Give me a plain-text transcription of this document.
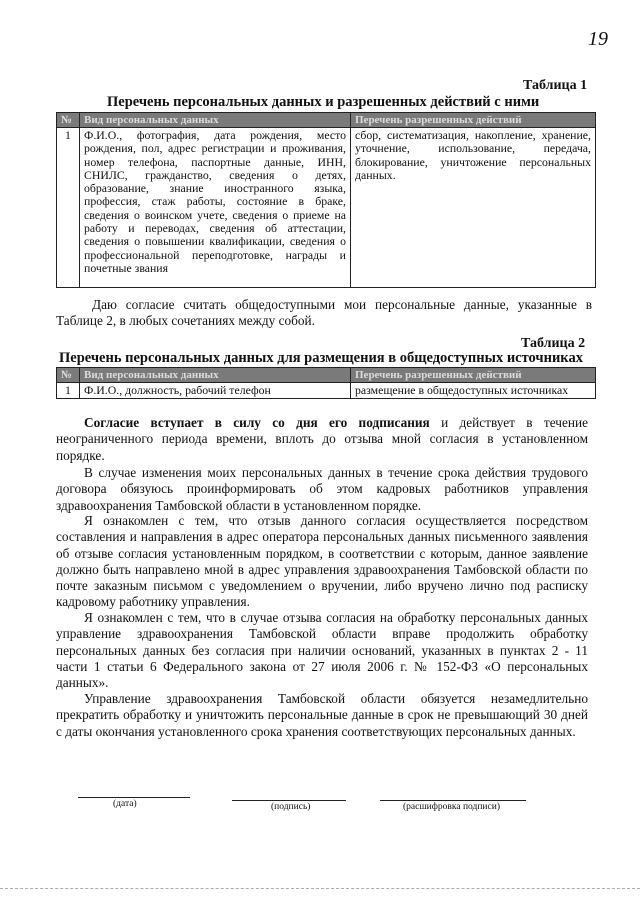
19
Таблица 1
Перечень персональных данных и разрешенных действий с ними
№	Вид персональных данных	Перечень разрешенных действий
1	Ф.И.О., фотография, дата рождения, место рождения, пол, адрес регистрации и проживания, номер телефона, паспортные данные, ИНН, СНИЛС, гражданство, сведения о детях, образование, знание иностранного языка, профессия, стаж работы, состояние в браке, сведения о воинском учете, сведения о приеме на работу и переводах, сведения об аттестации, сведения о повышении квалификации, сведения о профессиональной переподготовке, награды и почетные звания	сбор, систематизация, накопление, хранение, уточнение, использование, передача, блокирование, уничтожение персональных данных.

Даю согласие считать общедоступными мои персональные данные, указанные в Таблице 2, в любых сочетаниях между собой.

Таблица 2
Перечень персональных данных для размещения в общедоступных источниках
№	Вид персональных данных	Перечень разрешенных действий
1	Ф.И.О., должность, рабочий телефон	размещение в общедоступных источниках

Согласие вступает в силу со дня его подписания и действует в течение неограниченного периода времени, вплоть до отзыва мной согласия в установленном порядке.

В случае изменения моих персональных данных в течение срока действия трудового договора обязуюсь проинформировать об этом кадровых работников управления здравоохранения Тамбовской области в установленном порядке.

Я ознакомлен с тем, что отзыв данного согласия осуществляется посредством составления и направления в адрес оператора персональных данных письменного заявления об отзыве согласия установленным порядком, в соответствии с которым, данное заявление должно быть направлено мной в адрес управления здравоохранения Тамбовской области по почте заказным письмом с уведомлением о вручении, либо вручено лично под расписку кадровому работнику управления.

Я ознакомлен с тем, что в случае отзыва согласия на обработку персональных данных управление здравоохранения Тамбовской области вправе продолжить обработку персональных данных без согласия при наличии оснований, указанных в пунктах 2 - 11 части 1 статьи 6 Федерального закона от 27 июля 2006 г. № 152-ФЗ «О персональных данных».

Управление здравоохранения Тамбовской области обязуется незамедлительно прекратить обработку и уничтожить персональные данные в срок не превышающий 30 дней с даты окончания установленного срока хранения соответствующих персональных данных.

(дата)	(подпись)	(расшифровка подписи)
